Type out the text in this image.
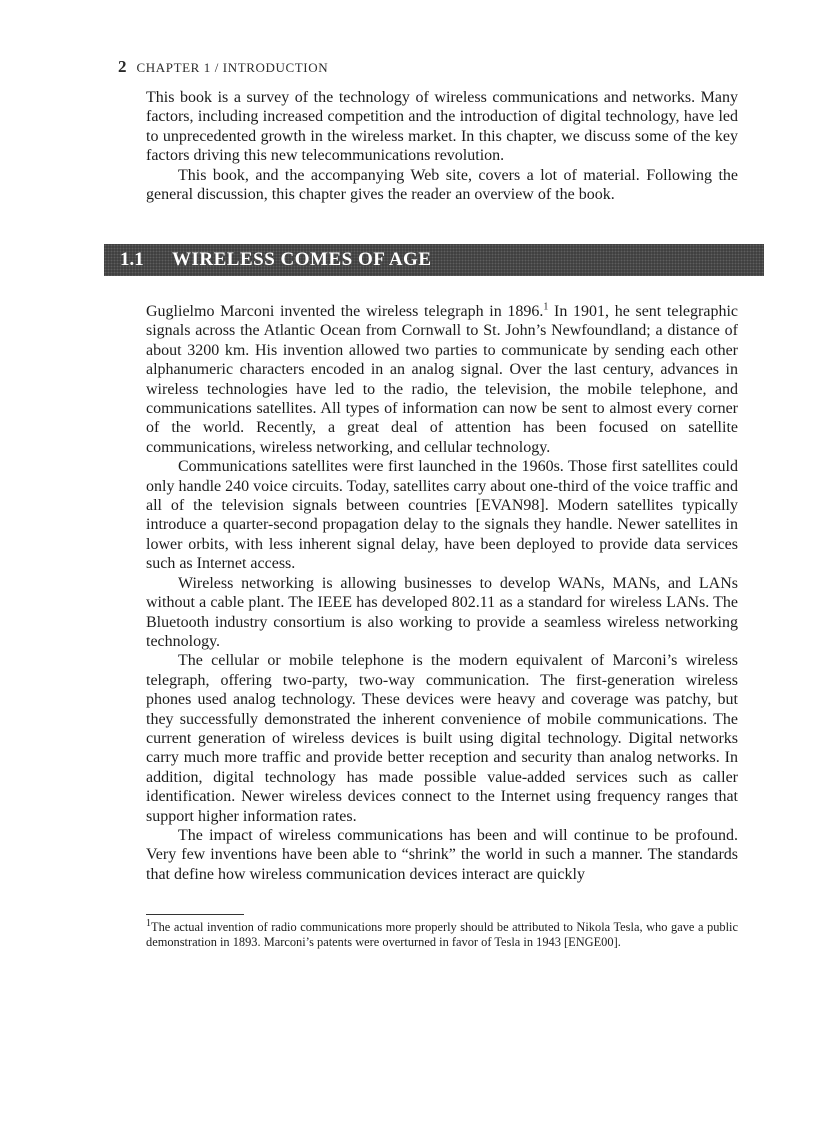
2 CHAPTER 1 / INTRODUCTION

This book is a survey of the technology of wireless communications and networks. Many factors, including increased competition and the introduction of digital technology, have led to unprecedented growth in the wireless market. In this chapter, we discuss some of the key factors driving this new telecommunications revolution.

This book, and the accompanying Web site, covers a lot of material. Following the general discussion, this chapter gives the reader an overview of the book.

1.1 WIRELESS COMES OF AGE

Guglielmo Marconi invented the wireless telegraph in 1896.$^1$ In 1901, he sent telegraphic signals across the Atlantic Ocean from Cornwall to St. John’s Newfoundland; a distance of about 3200 km. His invention allowed two parties to communicate by sending each other alphanumeric characters encoded in an analog signal. Over the last century, advances in wireless technologies have led to the radio, the television, the mobile telephone, and communications satellites. All types of information can now be sent to almost every corner of the world. Recently, a great deal of attention has been focused on satellite communications, wireless networking, and cellular technology.

Communications satellites were first launched in the 1960s. Those first satellites could only handle 240 voice circuits. Today, satellites carry about one-third of the voice traffic and all of the television signals between countries [EVAN98]. Modern satellites typically introduce a quarter-second propagation delay to the signals they handle. Newer satellites in lower orbits, with less inherent signal delay, have been deployed to provide data services such as Internet access.

Wireless networking is allowing businesses to develop WANs, MANs, and LANs without a cable plant. The IEEE has developed 802.11 as a standard for wireless LANs. The Bluetooth industry consortium is also working to provide a seamless wireless networking technology.

The cellular or mobile telephone is the modern equivalent of Marconi’s wireless telegraph, offering two-party, two-way communication. The first-generation wireless phones used analog technology. These devices were heavy and coverage was patchy, but they successfully demonstrated the inherent convenience of mobile communications. The current generation of wireless devices is built using digital technology. Digital networks carry much more traffic and provide better reception and security than analog networks. In addition, digital technology has made possible value-added services such as caller identification. Newer wireless devices connect to the Internet using frequency ranges that support higher information rates.

The impact of wireless communications has been and will continue to be profound. Very few inventions have been able to “shrink” the world in such a manner. The standards that define how wireless communication devices interact are quickly

$^1$The actual invention of radio communications more properly should be attributed to Nikola Tesla, who gave a public demonstration in 1893. Marconi’s patents were overturned in favor of Tesla in 1943 [ENGE00].
